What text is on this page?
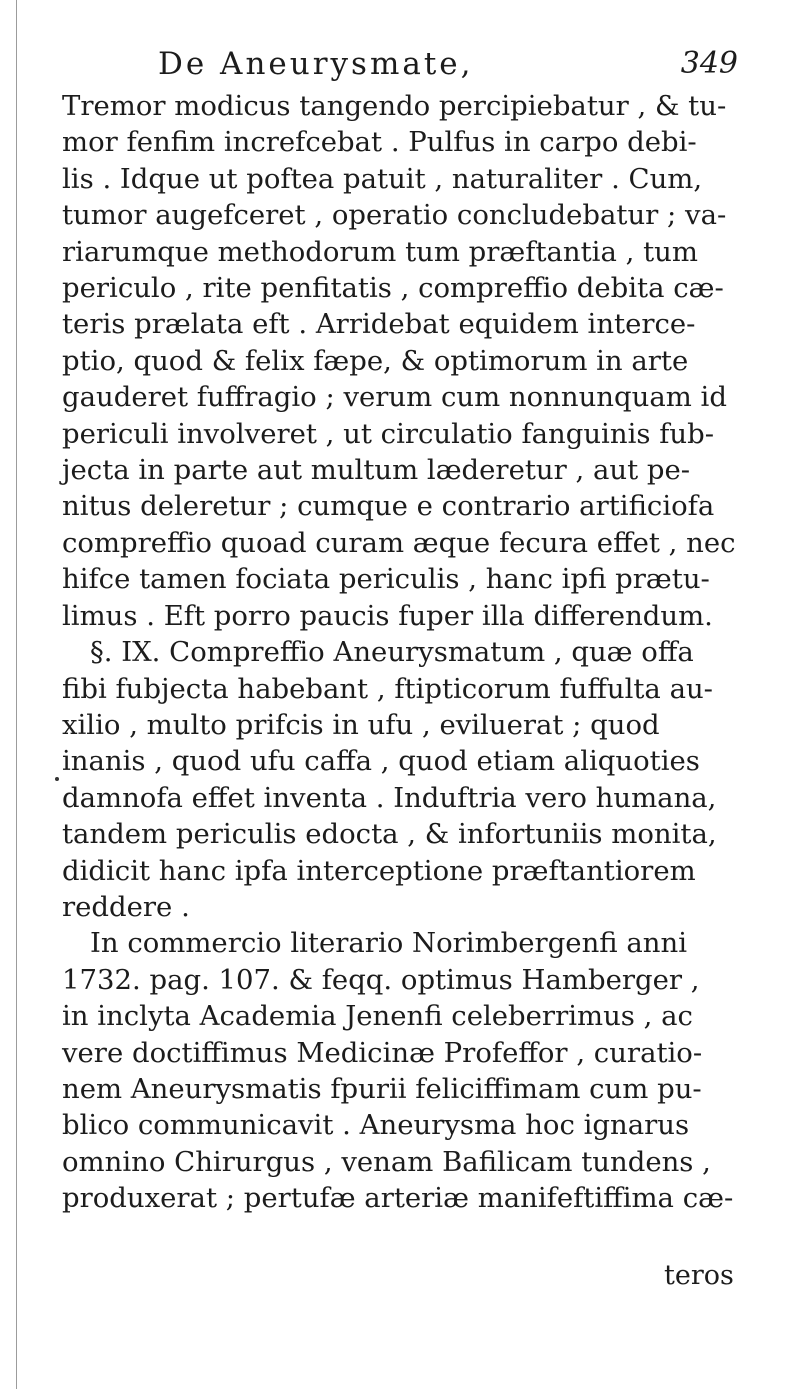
De Aneurysmate,	349
Tremor modicus tangendo percipiebatur , & tu-
mor fenfim increfcebat . Pulfus in carpo debi-
lis . Idque ut poftea patuit , naturaliter . Cum,
tumor augefceret , operatio concludebatur ; va-
riarumque methodorum tum præftantia , tum
periculo , rite penfitatis , compreffio debita cæ-
teris prælata eft . Arridebat equidem interce-
ptio, quod & felix fæpe, & optimorum in arte
gauderet fuffragio ; verum cum nonnunquam id
periculi involveret , ut circulatio fanguinis fub-
jecta in parte aut multum læderetur , aut pe-
nitus deleretur ; cumque e contrario artificiofa
compreffio quoad curam æque fecura effet , nec
hifce tamen fociata periculis , hanc ipfi prætu-
limus . Eft porro paucis fuper illa differendum.
§. IX. Compreffio Aneurysmatum , quæ offa
fibi fubjecta habebant , ftipticorum fuffulta au-
xilio , multo prifcis in ufu , eviluerat ; quod
inanis , quod ufu caffa , quod etiam aliquoties
damnofa effet inventa . Induftria vero humana,
tandem periculis edocta , & infortuniis monita,
didicit hanc ipfa interceptione præftantiorem
reddere .
In commercio literario Norimbergenfi anni
1732. pag. 107. & feqq. optimus Hamberger ,
in inclyta Academia Jenenfi celeberrimus , ac
vere doctiffimus Medicinæ Profeffor , curatio-
nem Aneurysmatis fpurii feliciffimam cum pu-
blico communicavit . Aneurysma hoc ignarus
omnino Chirurgus , venam Bafilicam tundens ,
produxerat ; pertufæ arteriæ manifeftiffima cæ-
teros
